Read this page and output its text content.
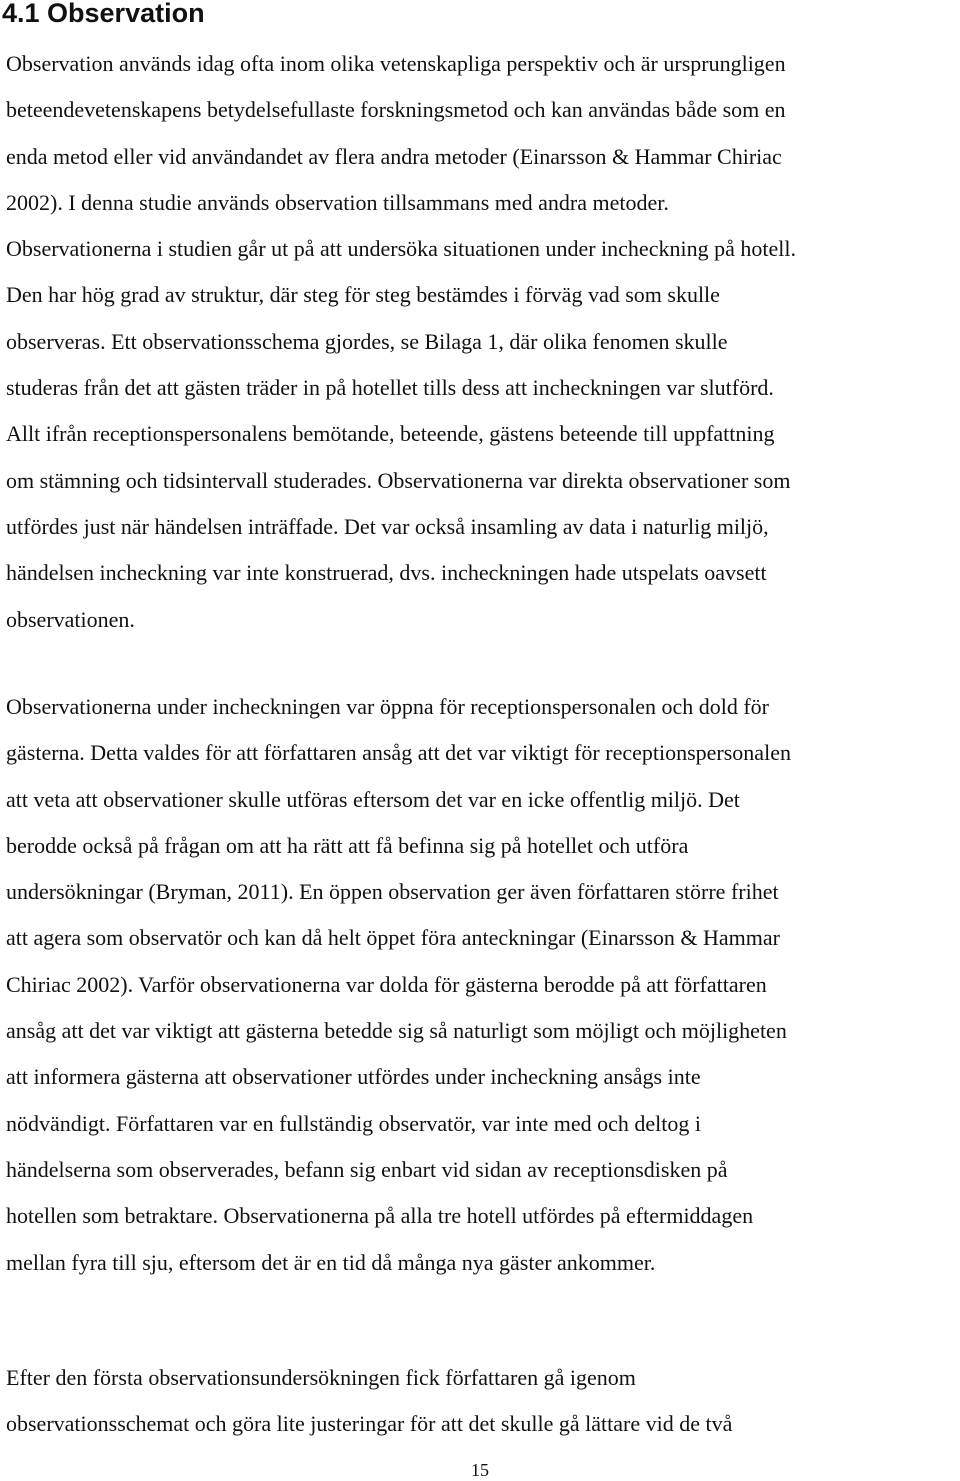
4.1 Observation

Observation används idag ofta inom olika vetenskapliga perspektiv och är ursprungligen
beteendevetenskapens betydelsefullaste forskningsmetod och kan användas både som en
enda metod eller vid användandet av flera andra metoder (Einarsson & Hammar Chiriac
2002). I denna studie används observation tillsammans med andra metoder.
Observationerna i studien går ut på att undersöka situationen under incheckning på hotell.
Den har hög grad av struktur, där steg för steg bestämdes i förväg vad som skulle
observeras. Ett observationsschema gjordes, se Bilaga 1, där olika fenomen skulle
studeras från det att gästen träder in på hotellet tills dess att incheckningen var slutförd.
Allt ifrån receptionspersonalens bemötande, beteende, gästens beteende till uppfattning
om stämning och tidsintervall studerades. Observationerna var direkta observationer som
utfördes just när händelsen inträffade. Det var också insamling av data i naturlig miljö,
händelsen incheckning var inte konstruerad, dvs. incheckningen hade utspelats oavsett
observationen.

Observationerna under incheckningen var öppna för receptionspersonalen och dold för
gästerna. Detta valdes för att författaren ansåg att det var viktigt för receptionspersonalen
att veta att observationer skulle utföras eftersom det var en icke offentlig miljö. Det
berodde också på frågan om att ha rätt att få befinna sig på hotellet och utföra
undersökningar (Bryman, 2011). En öppen observation ger även författaren större frihet
att agera som observatör och kan då helt öppet föra anteckningar (Einarsson & Hammar
Chiriac 2002). Varför observationerna var dolda för gästerna berodde på att författaren
ansåg att det var viktigt att gästerna betedde sig så naturligt som möjligt och möjligheten
att informera gästerna att observationer utfördes under incheckning ansågs inte
nödvändigt. Författaren var en fullständig observatör, var inte med och deltog i
händelserna som observerades, befann sig enbart vid sidan av receptionsdisken på
hotellen som betraktare. Observationerna på alla tre hotell utfördes på eftermiddagen
mellan fyra till sju, eftersom det är en tid då många nya gäster ankommer.

Efter den första observationsundersökningen fick författaren gå igenom
observationsschemat och göra lite justeringar för att det skulle gå lättare vid de två

15
